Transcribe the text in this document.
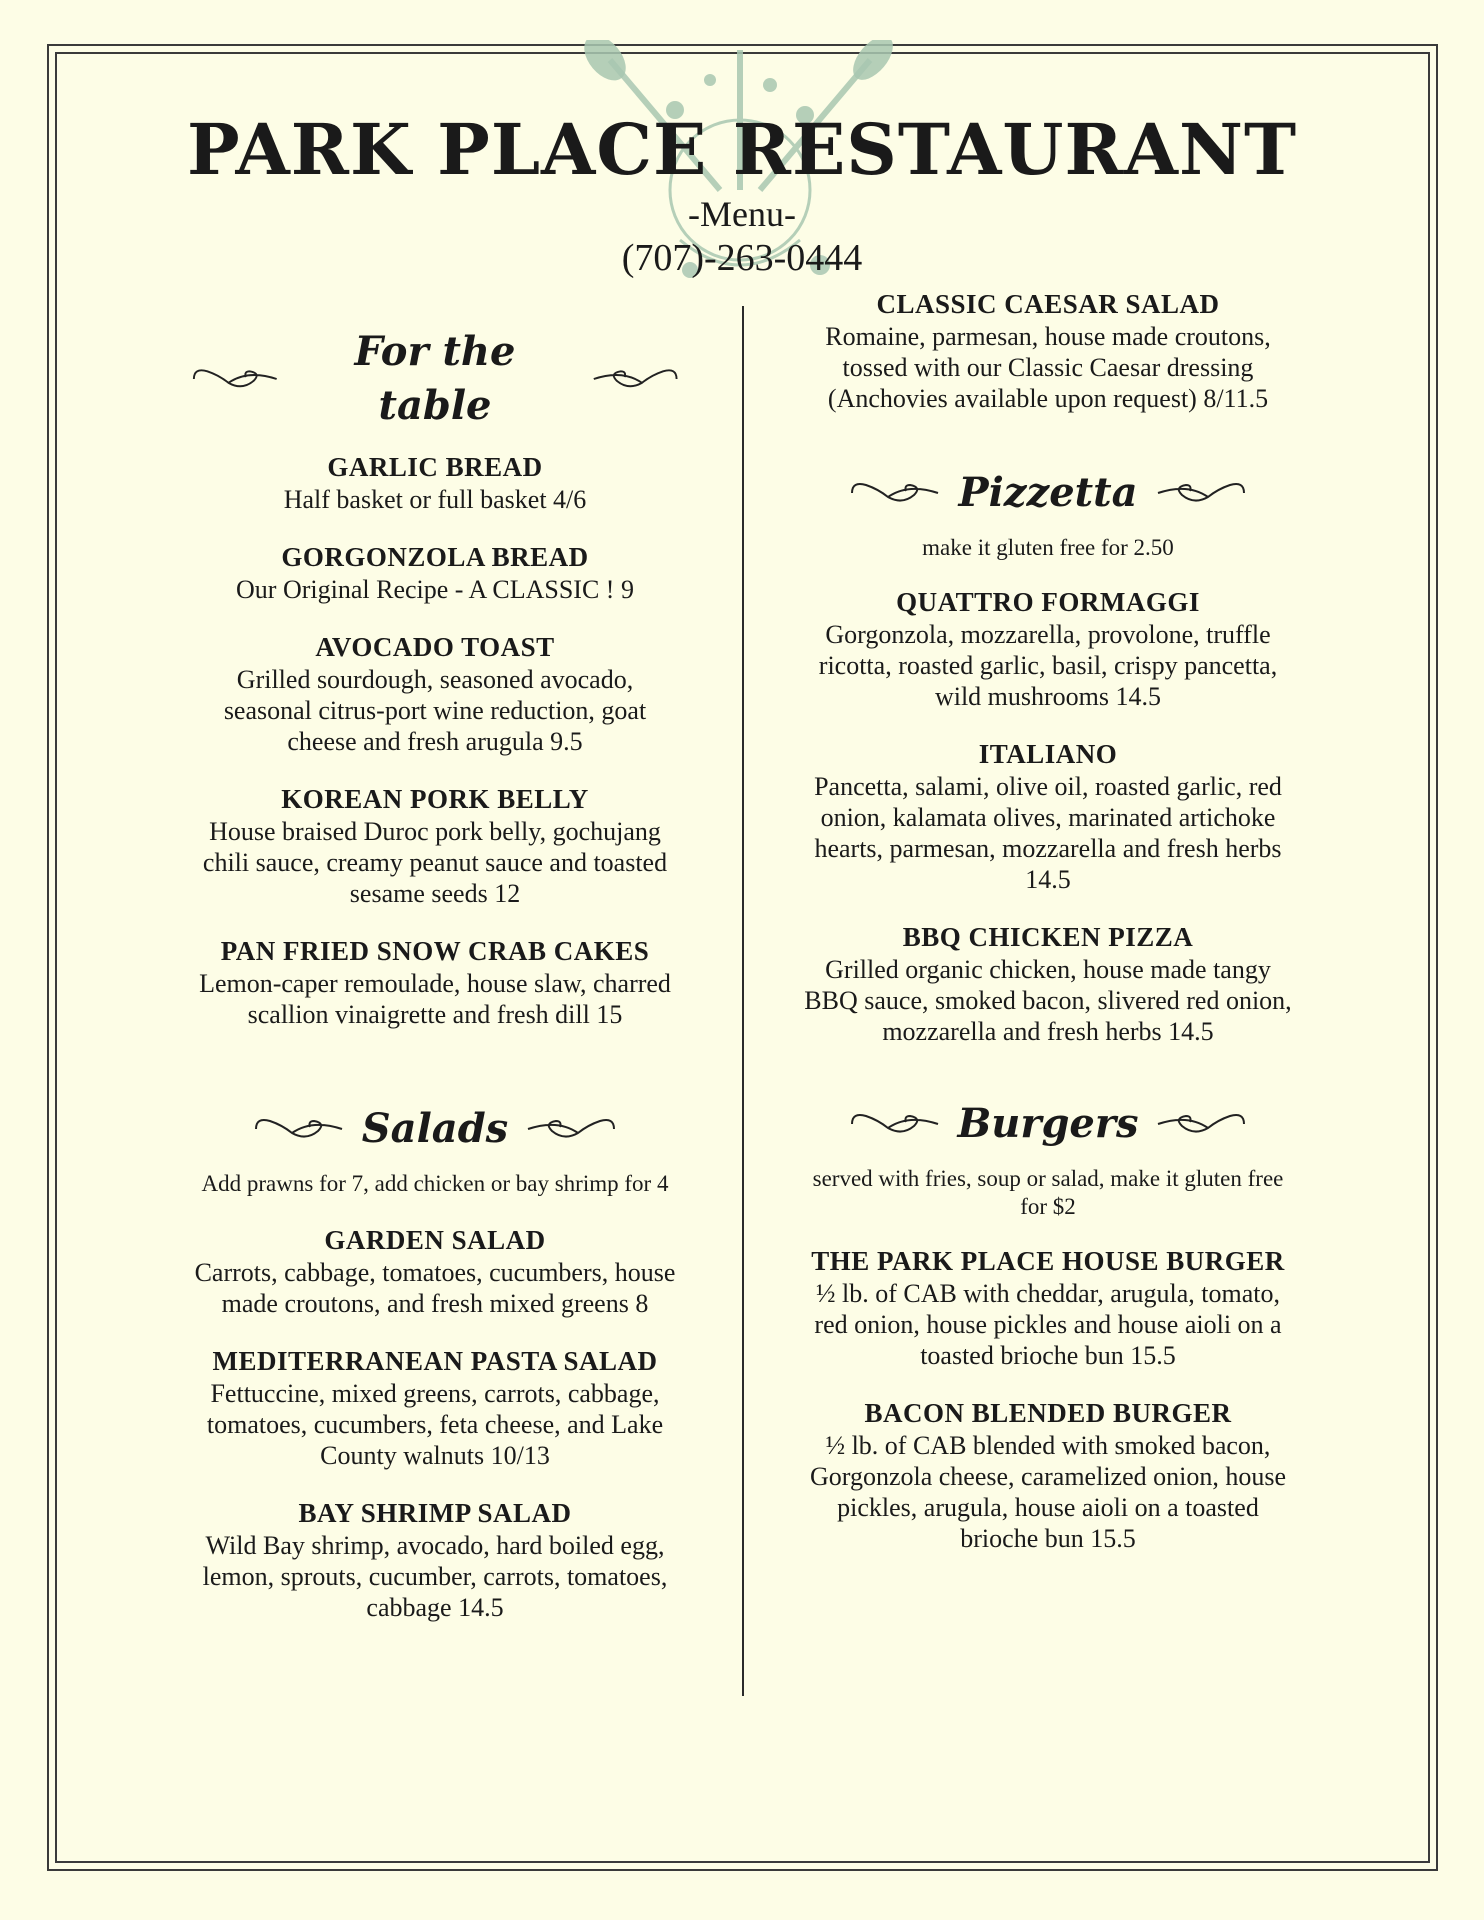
PARK PLACE RESTAURANT

-Menu-

(707)-263-0444

For the table
GARLIC BREAD
Half basket or full basket 4/6
GORGONZOLA BREAD
Our Original Recipe - A CLASSIC ! 9
AVOCADO TOAST
Grilled sourdough, seasoned avocado, seasonal citrus-port wine reduction, goat cheese and fresh arugula 9.5
KOREAN PORK BELLY
House braised Duroc pork belly, gochujang chili sauce, creamy peanut sauce and toasted sesame seeds 12
PAN FRIED SNOW CRAB CAKES
Lemon-caper remoulade, house slaw, charred scallion vinaigrette and fresh dill 15
Salads

Add prawns for 7, add chicken or bay shrimp for 4

GARDEN SALAD
Carrots, cabbage, tomatoes, cucumbers, house made croutons, and fresh mixed greens 8
MEDITERRANEAN PASTA SALAD
Fettuccine, mixed greens, carrots, cabbage, tomatoes, cucumbers, feta cheese, and Lake County walnuts 10/13
BAY SHRIMP SALAD
Wild Bay shrimp, avocado, hard boiled egg, lemon, sprouts, cucumber, carrots, tomatoes, cabbage 14.5
CLASSIC CAESAR SALAD
Romaine, parmesan, house made croutons, tossed with our Classic Caesar dressing (Anchovies available upon request) 8/11.5
Pizzetta

make it gluten free for 2.50

QUATTRO FORMAGGI
Gorgonzola, mozzarella, provolone, truffle ricotta, roasted garlic, basil, crispy pancetta, wild mushrooms 14.5
ITALIANO
Pancetta, salami, olive oil, roasted garlic, red onion, kalamata olives, marinated artichoke hearts, parmesan, mozzarella and fresh herbs 14.5
BBQ CHICKEN PIZZA
Grilled organic chicken, house made tangy BBQ sauce, smoked bacon, slivered red onion, mozzarella and fresh herbs 14.5
Burgers

served with fries, soup or salad, make it gluten free for $2

THE PARK PLACE HOUSE BURGER
½ lb. of CAB with cheddar, arugula, tomato, red onion, house pickles and house aioli on a toasted brioche bun 15.5
BACON BLENDED BURGER
½ lb. of CAB blended with smoked bacon, Gorgonzola cheese, caramelized onion, house pickles, arugula, house aioli on a toasted brioche bun 15.5
